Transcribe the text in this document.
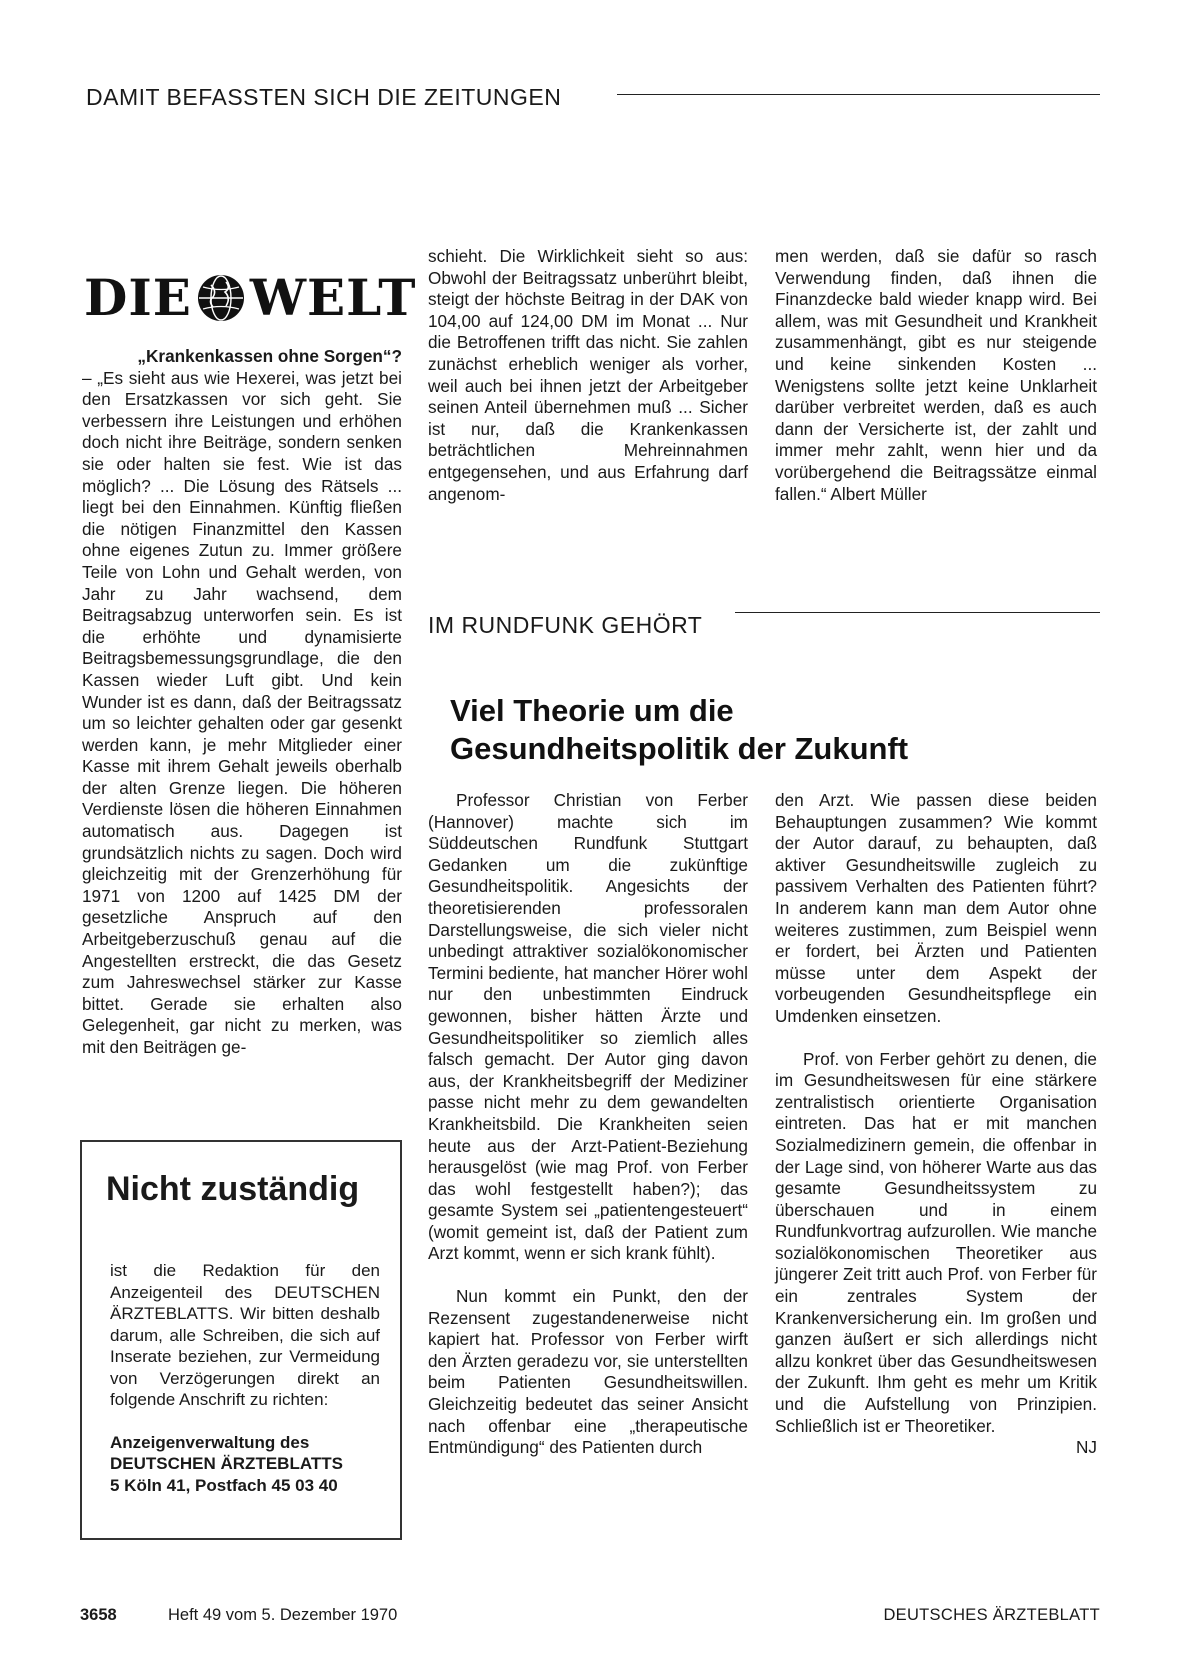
DAMIT BEFASSTEN SICH DIE ZEITUNGEN
DIE WELT

„Krankenkassen ohne Sorgen“?

– „Es sieht aus wie Hexerei, was jetzt bei den Ersatzkassen vor sich geht. Sie verbessern ihre Leistungen und erhöhen doch nicht ihre Beiträge, sondern senken sie oder halten sie fest. Wie ist das möglich? ... Die Lösung des Rätsels ... liegt bei den Einnahmen. Künftig fließen die nötigen Finanzmittel den Kassen ohne eigenes Zutun zu. Immer größere Teile von Lohn und Gehalt werden, von Jahr zu Jahr wachsend, dem Beitragsabzug unterworfen sein. Es ist die erhöhte und dynamisierte Beitragsbemessungsgrundlage, die den Kassen wieder Luft gibt. Und kein Wunder ist es dann, daß der Beitragssatz um so leichter gehalten oder gar gesenkt werden kann, je mehr Mitglieder einer Kasse mit ihrem Gehalt jeweils oberhalb der alten Grenze liegen. Die höheren Verdienste lösen die höheren Einnahmen automatisch aus. Dagegen ist grundsätzlich nichts zu sagen. Doch wird gleichzeitig mit der Grenzerhöhung für 1971 von 1200 auf 1425 DM der gesetzliche Anspruch auf den Arbeitgeberzuschuß genau auf die Angestellten erstreckt, die das Gesetz zum Jahreswechsel stärker zur Kasse bittet. Gerade sie erhalten also Gelegenheit, gar nicht zu merken, was mit den Beiträgen ge-

schieht. Die Wirklichkeit sieht so aus: Obwohl der Beitragssatz unberührt bleibt, steigt der höchste Beitrag in der DAK von 104,00 auf 124,00 DM im Monat ... Nur die Betroffenen trifft das nicht. Sie zahlen zunächst erheblich weniger als vorher, weil auch bei ihnen jetzt der Arbeitgeber seinen Anteil übernehmen muß ... Sicher ist nur, daß die Krankenkassen beträchtlichen Mehreinnahmen entgegensehen, und aus Erfahrung darf angenom-

men werden, daß sie dafür so rasch Verwendung finden, daß ihnen die Finanzdecke bald wieder knapp wird. Bei allem, was mit Gesundheit und Krankheit zusammenhängt, gibt es nur steigende und keine sinkenden Kosten ... Wenigstens sollte jetzt keine Unklarheit darüber verbreitet werden, daß es auch dann der Versicherte ist, der zahlt und immer mehr zahlt, wenn hier und da vorübergehend die Beitragssätze einmal fallen.“ Albert Müller

Nicht zuständig

ist die Redaktion für den Anzeigenteil des DEUTSCHEN ÄRZTEBLATTS. Wir bitten deshalb darum, alle Schreiben, die sich auf Inserate beziehen, zur Vermeidung von Verzögerungen direkt an folgende Anschrift zu richten:

Anzeigenverwaltung des
DEUTSCHEN ÄRZTEBLATTS
5 Köln 41, Postfach 45 03 40

IM RUNDFUNK GEHÖRT
Viel Theorie um die
Gesundheitspolitik der Zukunft

Professor Christian von Ferber (Hannover) machte sich im Süddeutschen Rundfunk Stuttgart Gedanken um die zukünftige Gesundheitspolitik. Angesichts der theoretisierenden professoralen Darstellungsweise, die sich vieler nicht unbedingt attraktiver sozialökonomischer Termini bediente, hat mancher Hörer wohl nur den unbestimmten Eindruck gewonnen, bisher hätten Ärzte und Gesundheitspolitiker so ziemlich alles falsch gemacht. Der Autor ging davon aus, der Krankheitsbegriff der Mediziner passe nicht mehr zu dem gewandelten Krankheitsbild. Die Krankheiten seien heute aus der Arzt-Patient-Beziehung herausgelöst (wie mag Prof. von Ferber das wohl festgestellt haben?); das gesamte System sei „patientengesteuert“ (womit gemeint ist, daß der Patient zum Arzt kommt, wenn er sich krank fühlt).

Nun kommt ein Punkt, den der Rezensent zugestandenerweise nicht kapiert hat. Professor von Ferber wirft den Ärzten geradezu vor, sie unterstellten beim Patienten Gesundheitswillen. Gleichzeitig bedeutet das seiner Ansicht nach offenbar eine „therapeutische Entmündigung“ des Patienten durch

den Arzt. Wie passen diese beiden Behauptungen zusammen? Wie kommt der Autor darauf, zu behaupten, daß aktiver Gesundheitswille zugleich zu passivem Verhalten des Patienten führt? In anderem kann man dem Autor ohne weiteres zustimmen, zum Beispiel wenn er fordert, bei Ärzten und Patienten müsse unter dem Aspekt der vorbeugenden Gesundheitspflege ein Umdenken einsetzen.

Prof. von Ferber gehört zu denen, die im Gesundheitswesen für eine stärkere zentralistisch orientierte Organisation eintreten. Das hat er mit manchen Sozialmedizinern gemein, die offenbar in der Lage sind, von höherer Warte aus das gesamte Gesundheitssystem zu überschauen und in einem Rundfunkvortrag aufzurollen. Wie manche sozialökonomischen Theoretiker aus jüngerer Zeit tritt auch Prof. von Ferber für ein zentrales System der Krankenversicherung ein. Im großen und ganzen äußert er sich allerdings nicht allzu konkret über das Gesundheitswesen der Zukunft. Ihm geht es mehr um Kritik und die Aufstellung von Prinzipien. Schließlich ist er Theoretiker.

NJ

3658	Heft 49 vom 5. Dezember 1970	DEUTSCHES ÄRZTEBLATT
